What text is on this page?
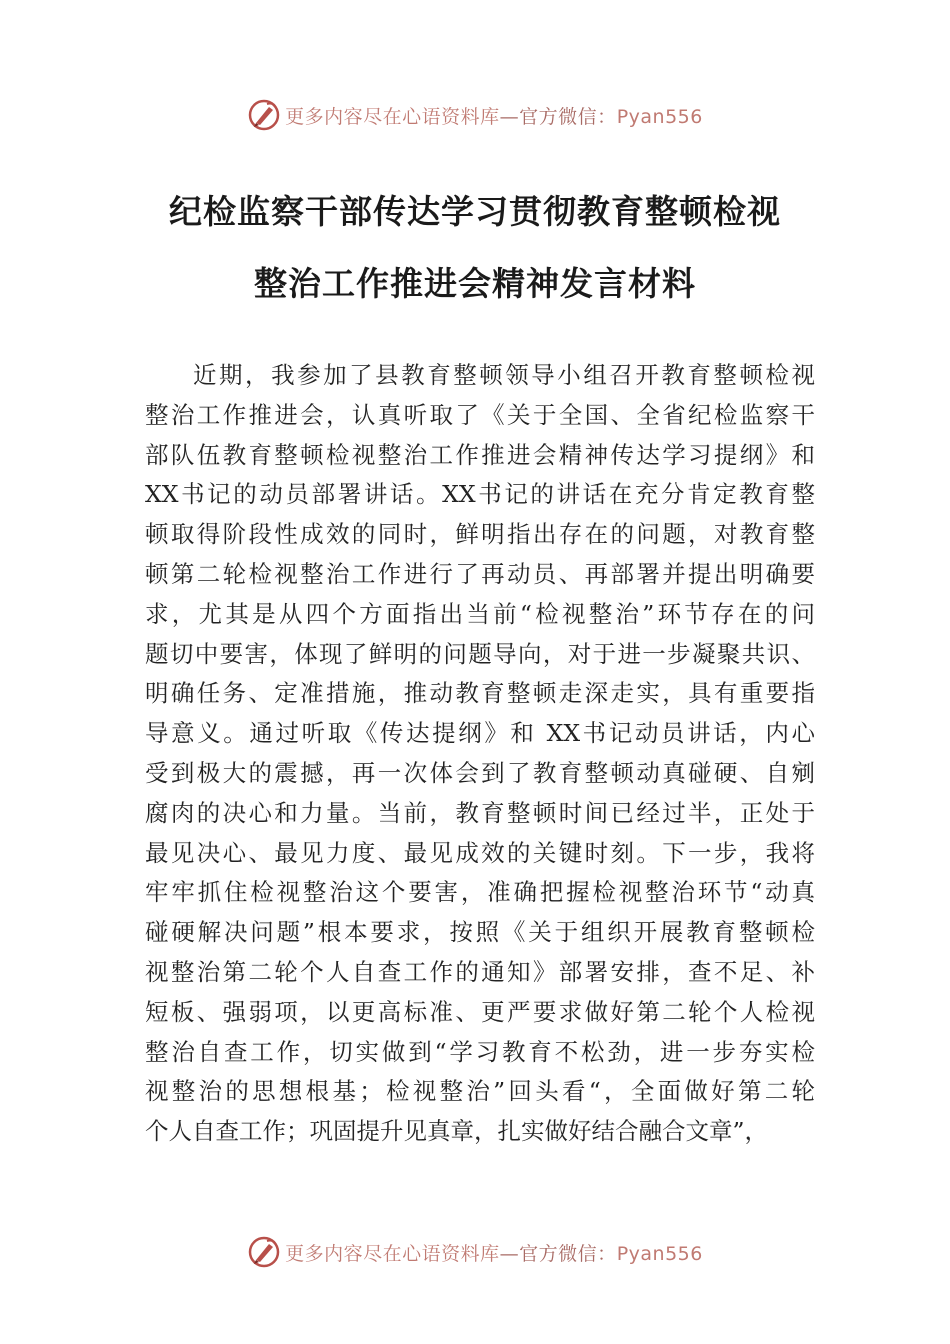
更多内容尽在心语资料库—官方微信：Pyan556
纪检监察干部传达学习贯彻教育整顿检视
整治工作推进会精神发言材料
近期，我参加了县教育整顿领导小组召开教育整顿检视
整治工作推进会，认真听取了《关于全国、全省纪检监察干
部队伍教育整顿检视整治工作推进会精神传达学习提纲》和
XX书记的动员部署讲话。XX书记的讲话在充分肯定教育整
顿取得阶段性成效的同时，鲜明指出存在的问题，对教育整
顿第二轮检视整治工作进行了再动员、再部署并提出明确要
求，尤其是从四个方面指出当前“检视整治”环节存在的问
题切中要害，体现了鲜明的问题导向，对于进一步凝聚共识、
明确任务、定准措施，推动教育整顿走深走实，具有重要指
导意义。通过听取《传达提纲》和 XX书记动员讲话，内心
受到极大的震撼，再一次体会到了教育整顿动真碰硬、自剜
腐肉的决心和力量。当前，教育整顿时间已经过半，正处于
最见决心、最见力度、最见成效的关键时刻。下一步，我将
牢牢抓住检视整治这个要害，准确把握检视整治环节“动真
碰硬解决问题”根本要求，按照《关于组织开展教育整顿检
视整治第二轮个人自查工作的通知》部署安排，查不足、补
短板、强弱项，以更高标准、更严要求做好第二轮个人检视
整治自查工作，切实做到“学习教育不松劲，进一步夯实检
视整治的思想根基；检视整治”回头看“，全面做好第二轮
个人自查工作；巩固提升见真章，扎实做好结合融合文章”，
更多内容尽在心语资料库—官方微信：Pyan556
